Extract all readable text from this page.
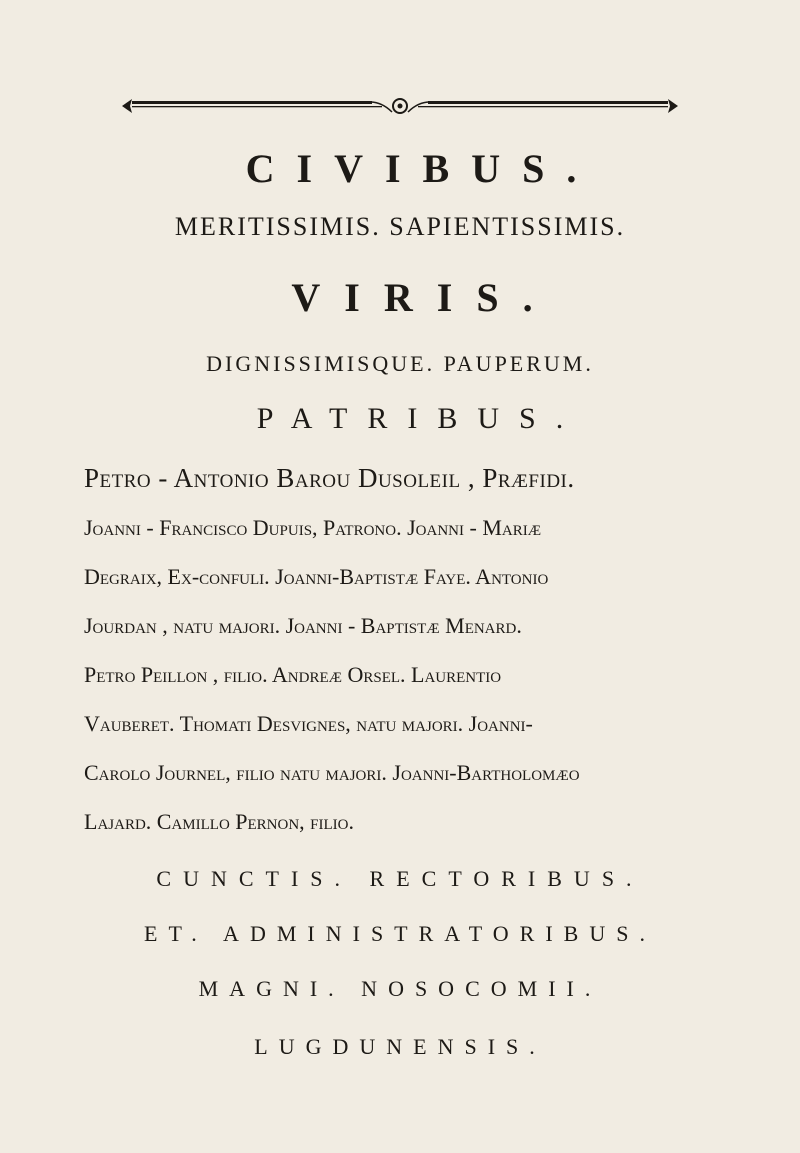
CIVIBUS.
MERITISSIMIS. SAPIENTISSIMIS.
VIRIS.
DIGNISSIMISQUE. PAUPERUM.
PATRIBUS.
Petro - Antonio Barou Dusoleil , Præfidi.
Joanni - Francisco Dupuis, Patrono. Joanni - Mariæ
Degraix, Ex-confuli. Joanni-Baptistæ Faye. Antonio
Jourdan , natu majori. Joanni - Baptistæ Menard.
Petro Peillon , filio. Andreæ Orsel. Laurentio
Vauberet. Thomati Desvignes, natu majori. Joanni-
Carolo Journel, filio natu majori. Joanni-Bartholomæo
Lajard. Camillo Pernon, filio.
CUNCTIS. RECTORIBUS.
ET. ADMINISTRATORIBUS.
MAGNI. NOSOCOMII.
LUGDUNENSIS.
